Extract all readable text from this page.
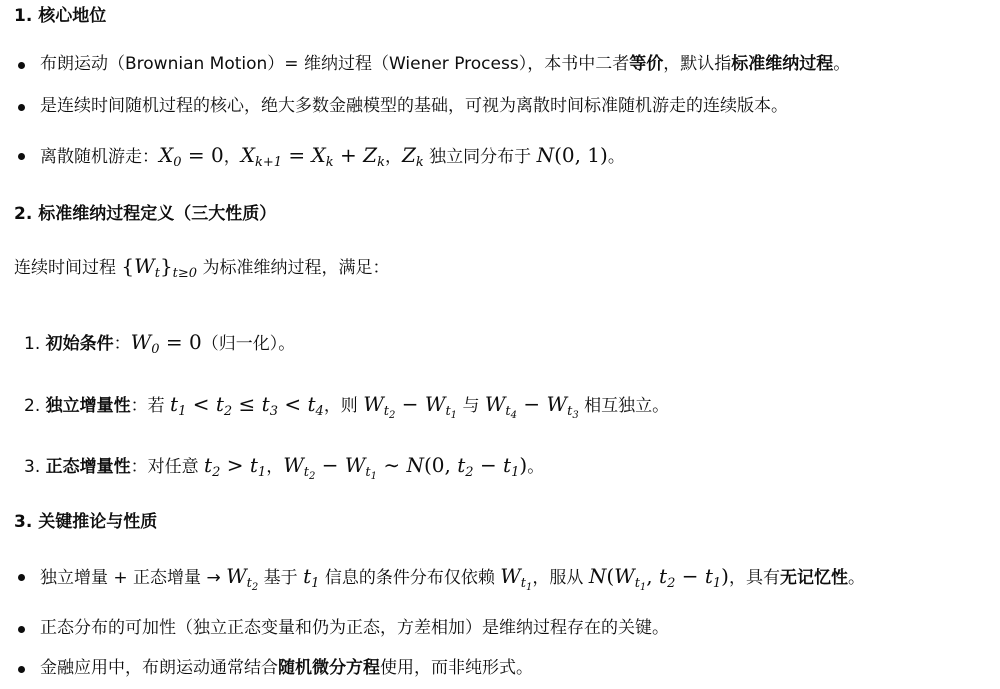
1. 核心地位
布朗运动（Brownian Motion）= 维纳过程（Wiener Process），本书中二者等价，默认指标准维纳过程。
是连续时间随机过程的核心，绝大多数金融模型的基础，可视为离散时间标准随机游走的连续版本。
离散随机游走：$X_0 = 0$，$X_{k+1} = X_k + Z_k$，$Z_k$ 独立同分布于 N(0, 1)。
2. 标准维纳过程定义（三大性质）
连续时间过程 $\{W_t\}_{t\ge 0}$ 为标准维纳过程，满足：
1. 初始条件：$W_0 = 0$（归一化）。
2. 独立增量性：若 $t_1 < t_2 \le t_3 < t_4$，则 $W_{t_2} - W_{t_1}$ 与 $W_{t_4} - W_{t_3}$ 相互独立。
3. 正态增量性：对任意 $t_2 > t_1$，$W_{t_2} - W_{t_1}$ ∼ N(0, $t_2 - t_1$)。
3. 关键推论与性质
独立增量 + 正态增量 → $W_{t_2}$ 基于 $t_1$ 信息的条件分布仅依赖 $W_{t_1}$，服从 $N(W_{t_1}$, $t_2 - t_1$)，具有无记忆性。
正态分布的可加性（独立正态变量和仍为正态，方差相加）是维纳过程存在的关键。
金融应用中，布朗运动通常结合随机微分方程使用，而非纯形式。
